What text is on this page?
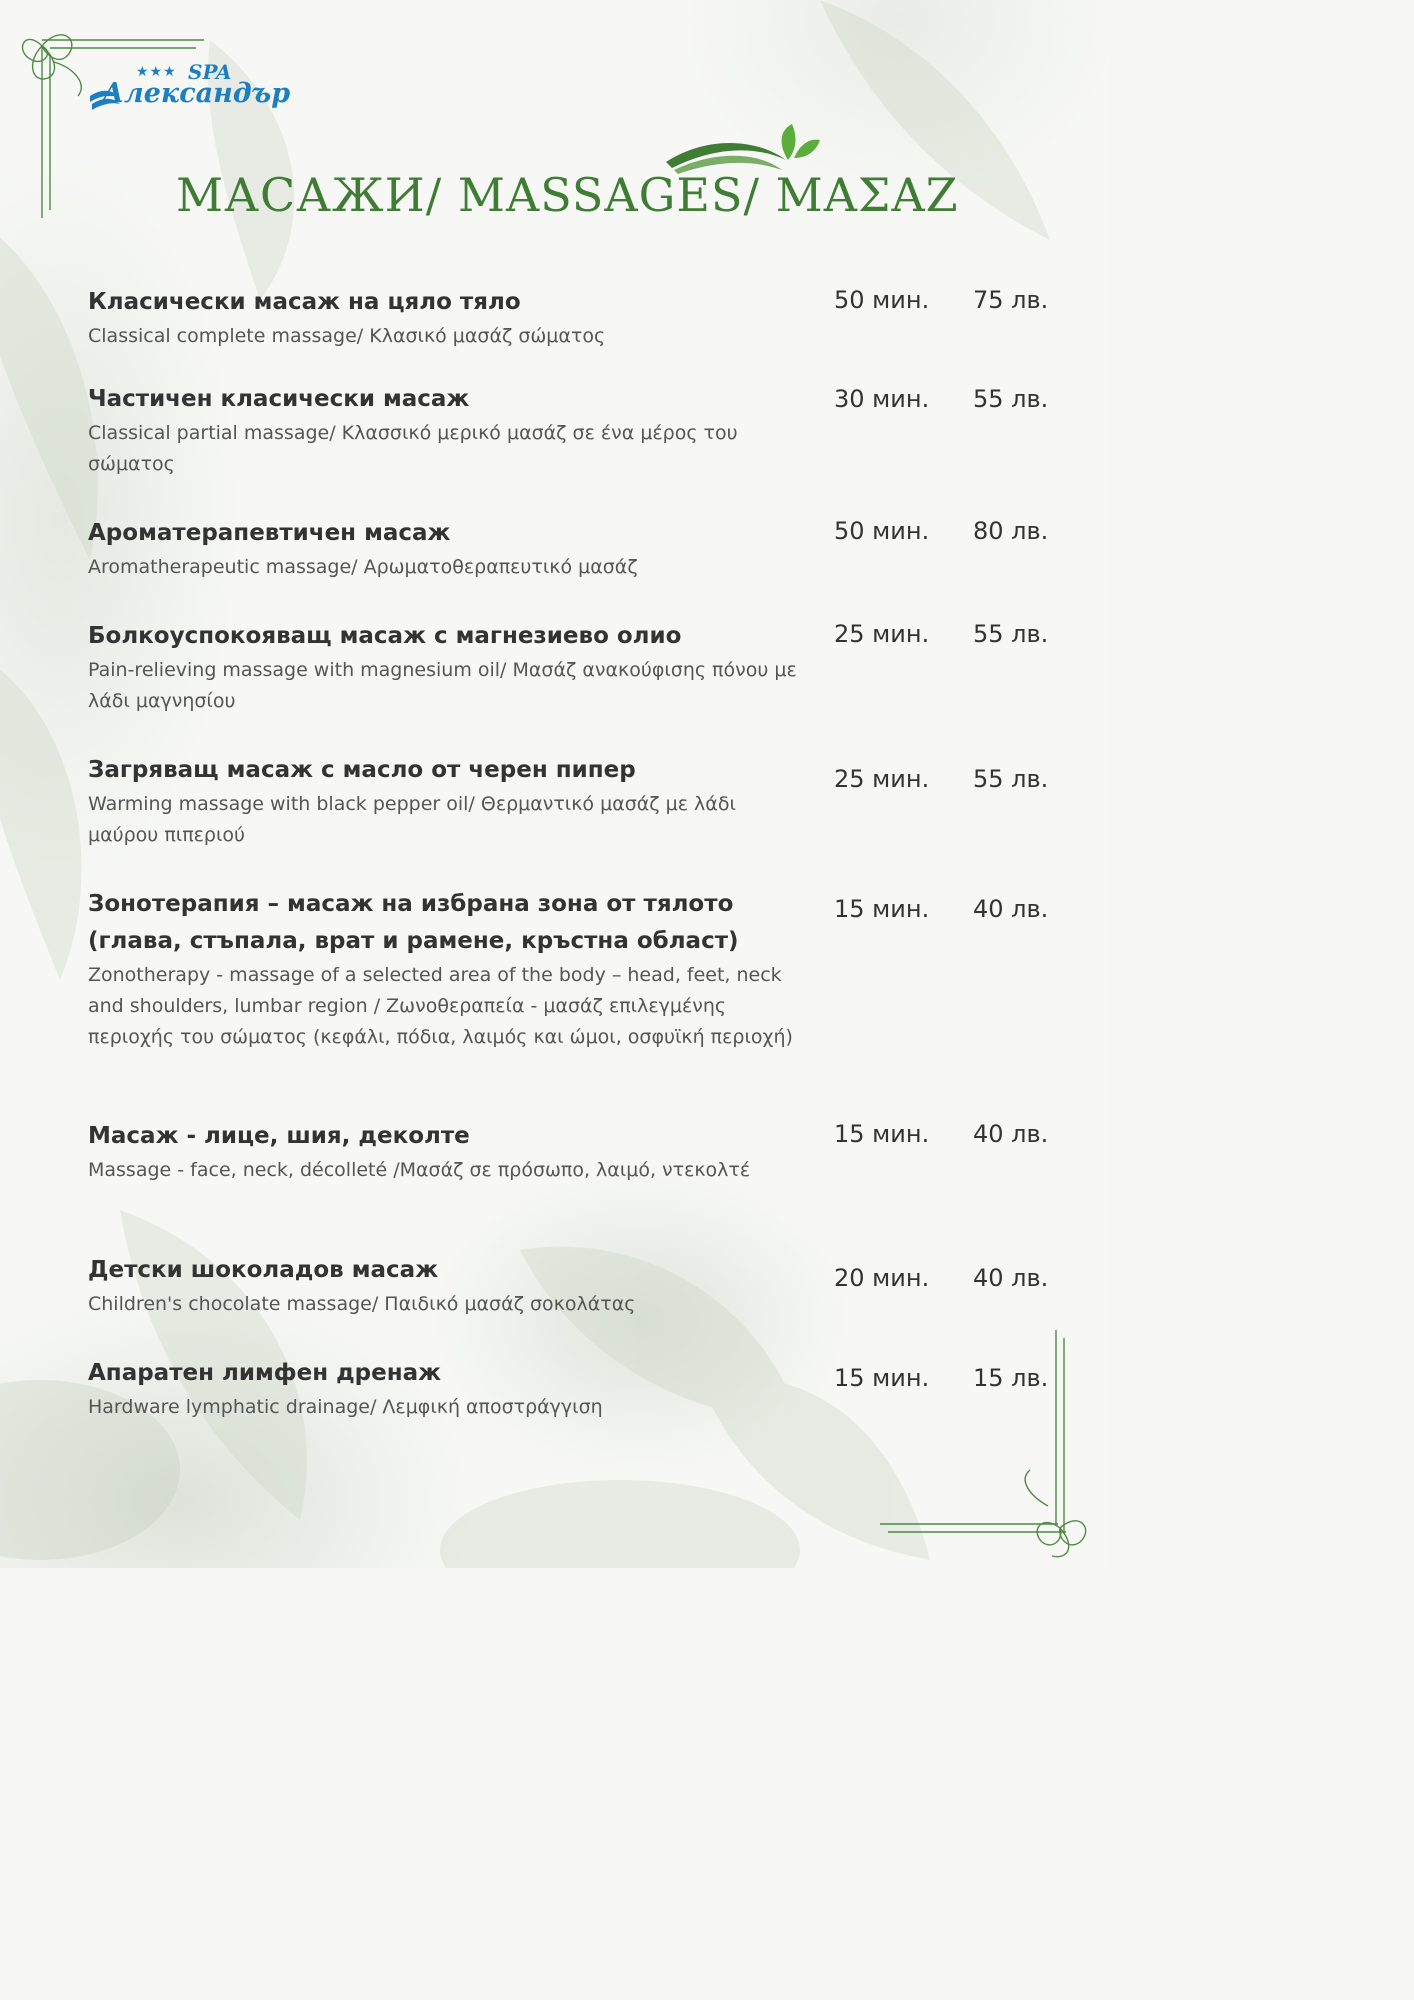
★★★ SPA
Александър
МАСАЖИ/ MASSAGES/ ΜΑΣΑΖ
Класически масаж на цяло тяло
Classical complete massage/ Κλασικό μασάζ σώματος
50 мин. 75 лв.
Частичен класически масаж
Classical partial massage/ Κλασσικό μερικό μασάζ σε ένα μέρος του σώματος
30 мин. 55 лв.
Ароматерапевтичен масаж
Aromatherapeutic massage/ Αρωματοθεραπευτικό μασάζ
50 мин. 80 лв.
Болкоуспокояващ масаж с магнезиево олио
Pain-relieving massage with magnesium oil/ Μασάζ ανακούφισης πόνου με λάδι μαγνησίου
25 мин. 55 лв.
Загряващ масаж с масло от черен пипер
Warming massage with black pepper oil/ Θερμαντικό μασάζ με λάδι μαύρου πιπεριού
25 мин. 55 лв.
Зонотерапия – масаж на избрана зона от тялото (глава, стъпала, врат и рамене, кръстна област)
Zonotherapy - massage of a selected area of the body – head, feet, neck and shoulders, lumbar region / Ζωνοθεραπεία - μασάζ επιλεγμένης περιοχής του σώματος (κεφάλι, πόδια, λαιμός και ώμοι, οσφυϊκή περιοχή)
15 мин. 40 лв.
Масаж - лице, шия, деколте
Massage - face, neck, décolleté /Μασάζ σε πρόσωπο, λαιμό, ντεκολτέ
15 мин. 40 лв.
Детски шоколадов масаж
Children's chocolate massage/ Παιδικό μασάζ σοκολάτας
20 мин. 40 лв.
Апаратен лимфен дренаж
Hardware lymphatic drainage/ Λεμφική αποστράγγιση
15 мин. 15 лв.
